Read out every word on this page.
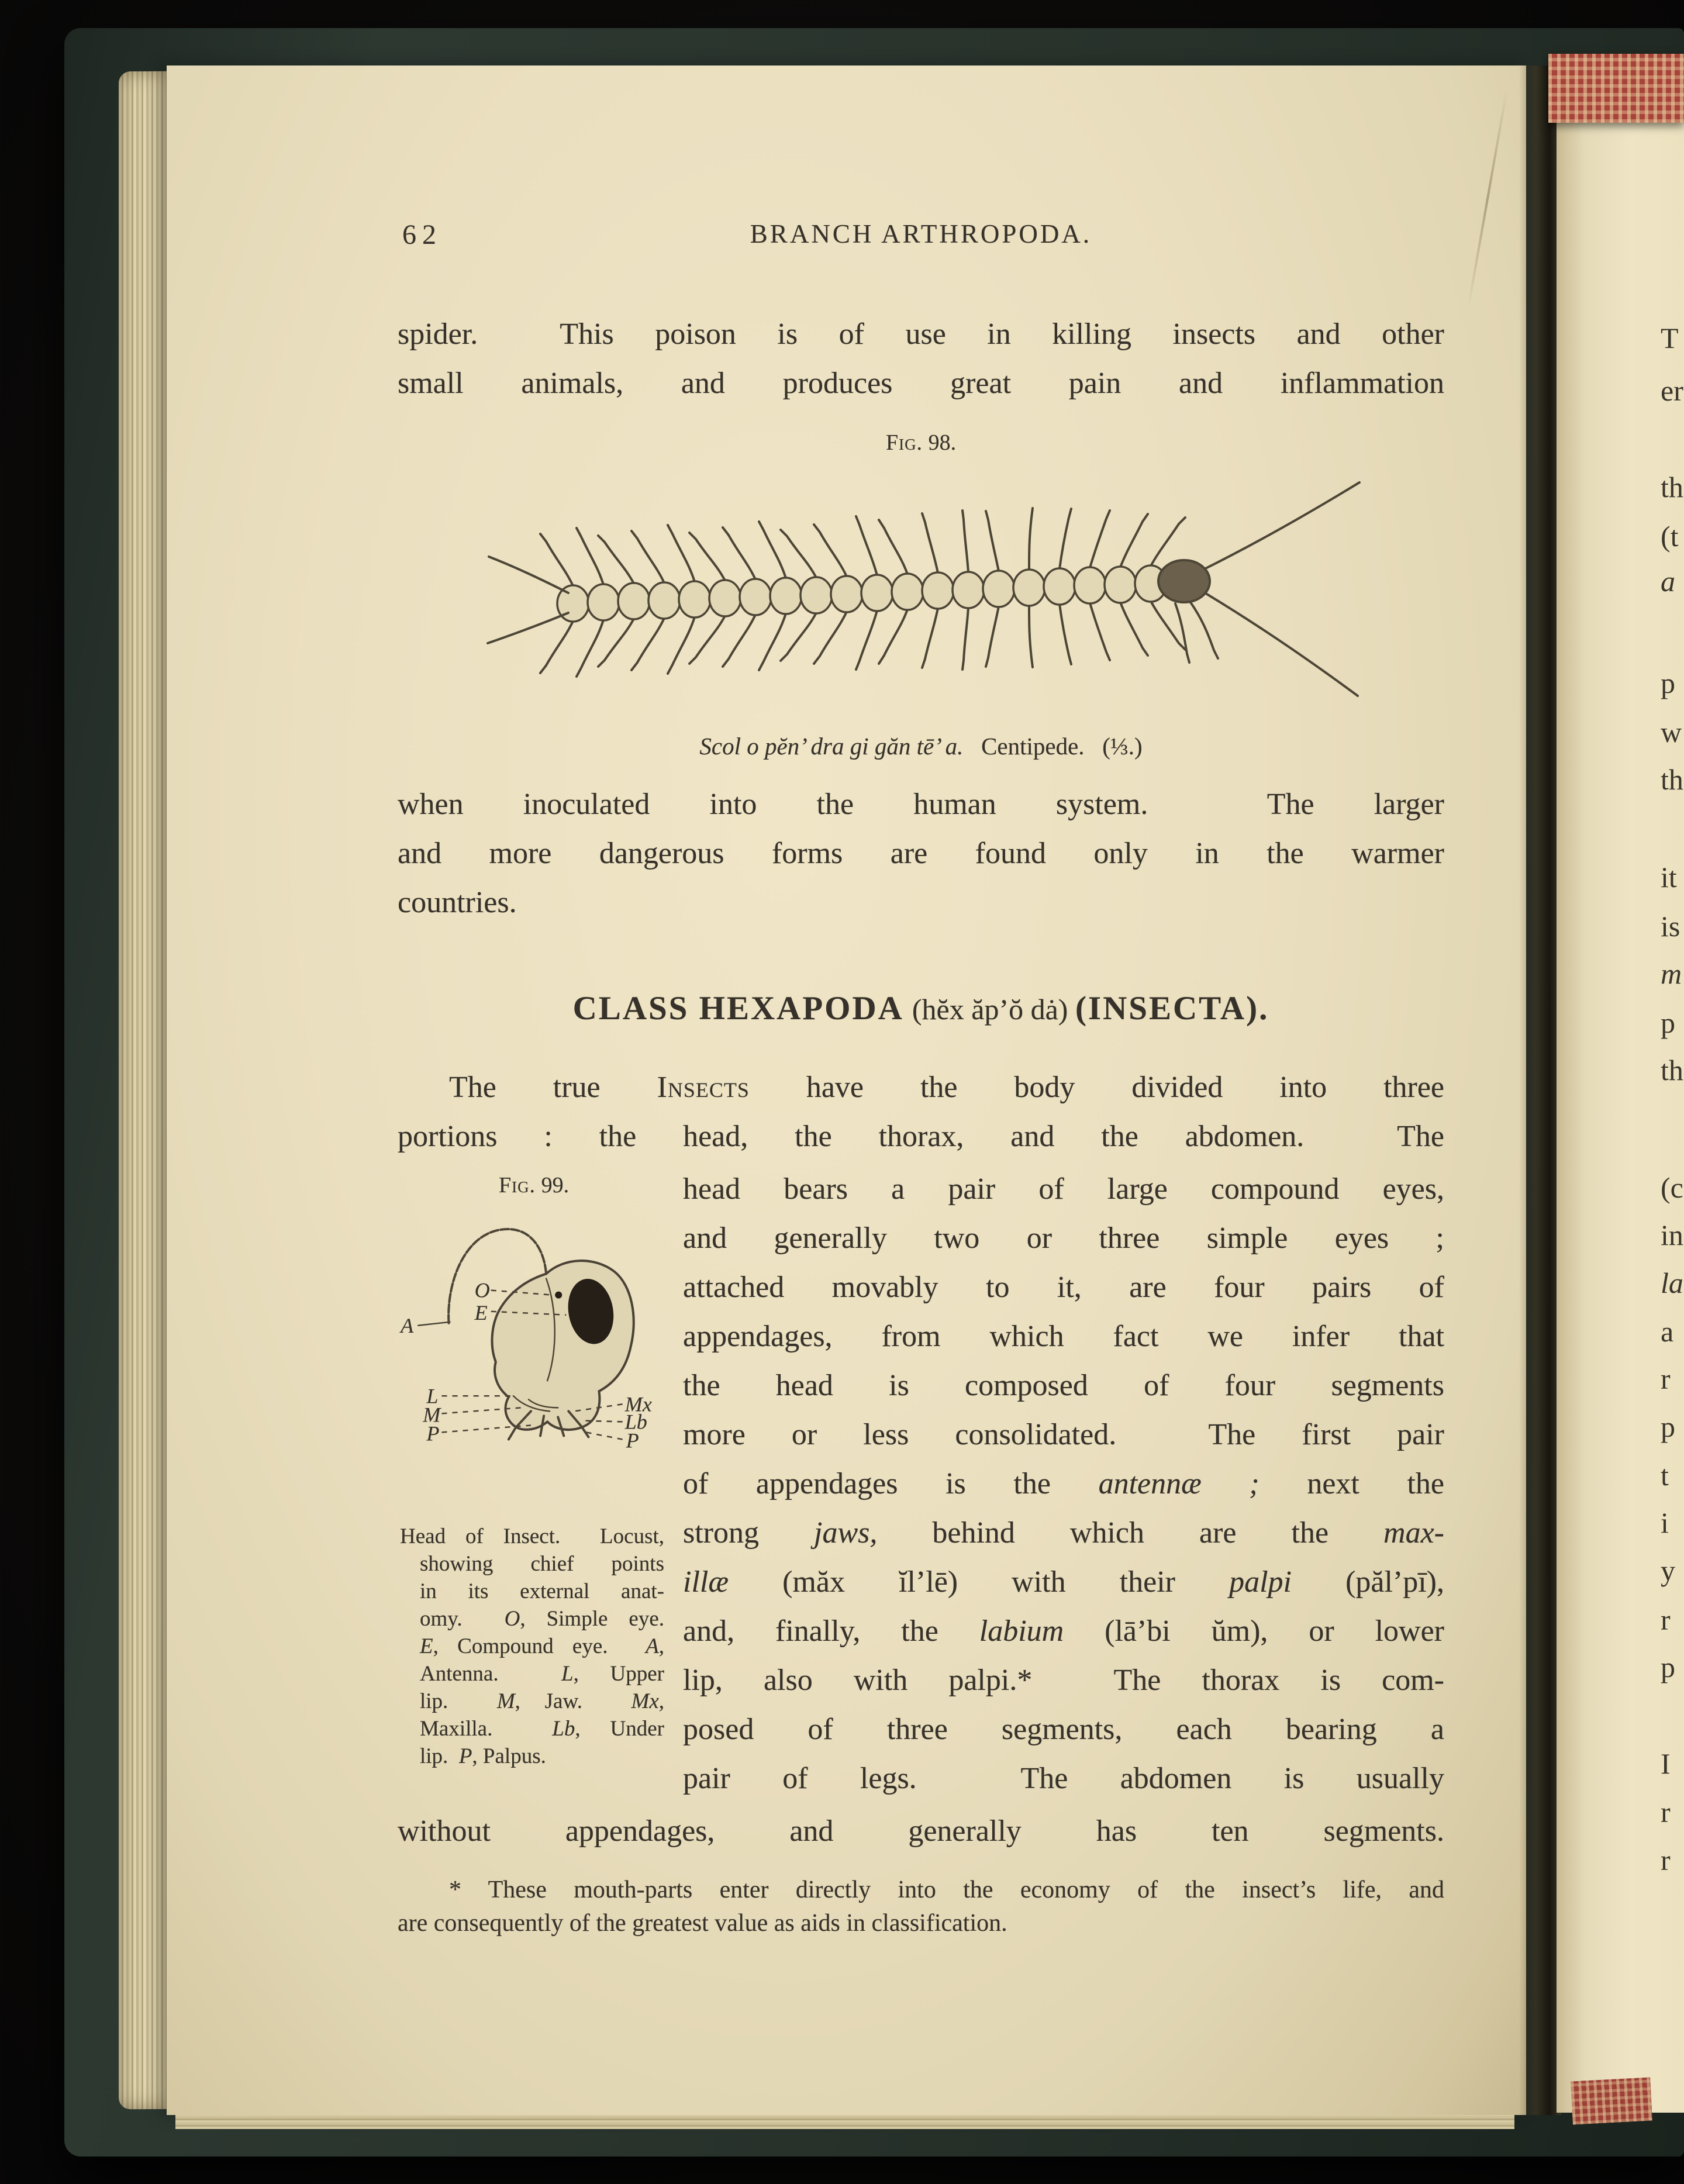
62	BRANCH ARTHROPODA.
spider.  This poison is of use in killing insects and other
small animals, and produces great pain and inflammation
Fig. 98.
Scol o pĕn’ dra gi găn tē’ a.   Centipede.   (⅓.)
when inoculated into the human system.  The larger
and more dangerous forms are found only in the warmer
countries.
CLASS HEXAPODA (hĕx ăp’ŏ dȧ) (INSECTA).
The true Insects have the body divided into three
portions : the head, the thorax, and the abdomen.  The
Fig. 99.
A
O
E
L
M
P
Mx
Lb
P
Head of Insect.  Locust,
showing chief points
in its external anat-
omy.  O, Simple eye.
E, Compound eye.  A,
Antenna.  L, Upper
lip.  M, Jaw.  Mx,
Maxilla.  Lb, Under
lip.  P, Palpus.
head bears a pair of large compound eyes,
and generally two or three simple eyes ;
attached movably to it, are four pairs of
appendages, from which fact we infer that
the head is composed of four segments
more or less consolidated.  The first pair
of appendages is the antennæ ; next the
strong jaws, behind which are the max-
illæ (măx ĭl’lē) with their palpi (păl’pī),
and, finally, the labium (lā’bi ŭm), or lower
lip, also with palpi.*  The thorax is com-
posed of three segments, each bearing a
pair of legs.  The abdomen is usually
without appendages, and generally has ten segments.
* These mouth-parts enter directly into the economy of the insect’s life, and
are consequently of the greatest value as aids in classification.
T
er
th
(t
a
p
w
th
it
is
m
p
th
(c
in
la
a
r
p
t
i
y
r
p
I
r
r
